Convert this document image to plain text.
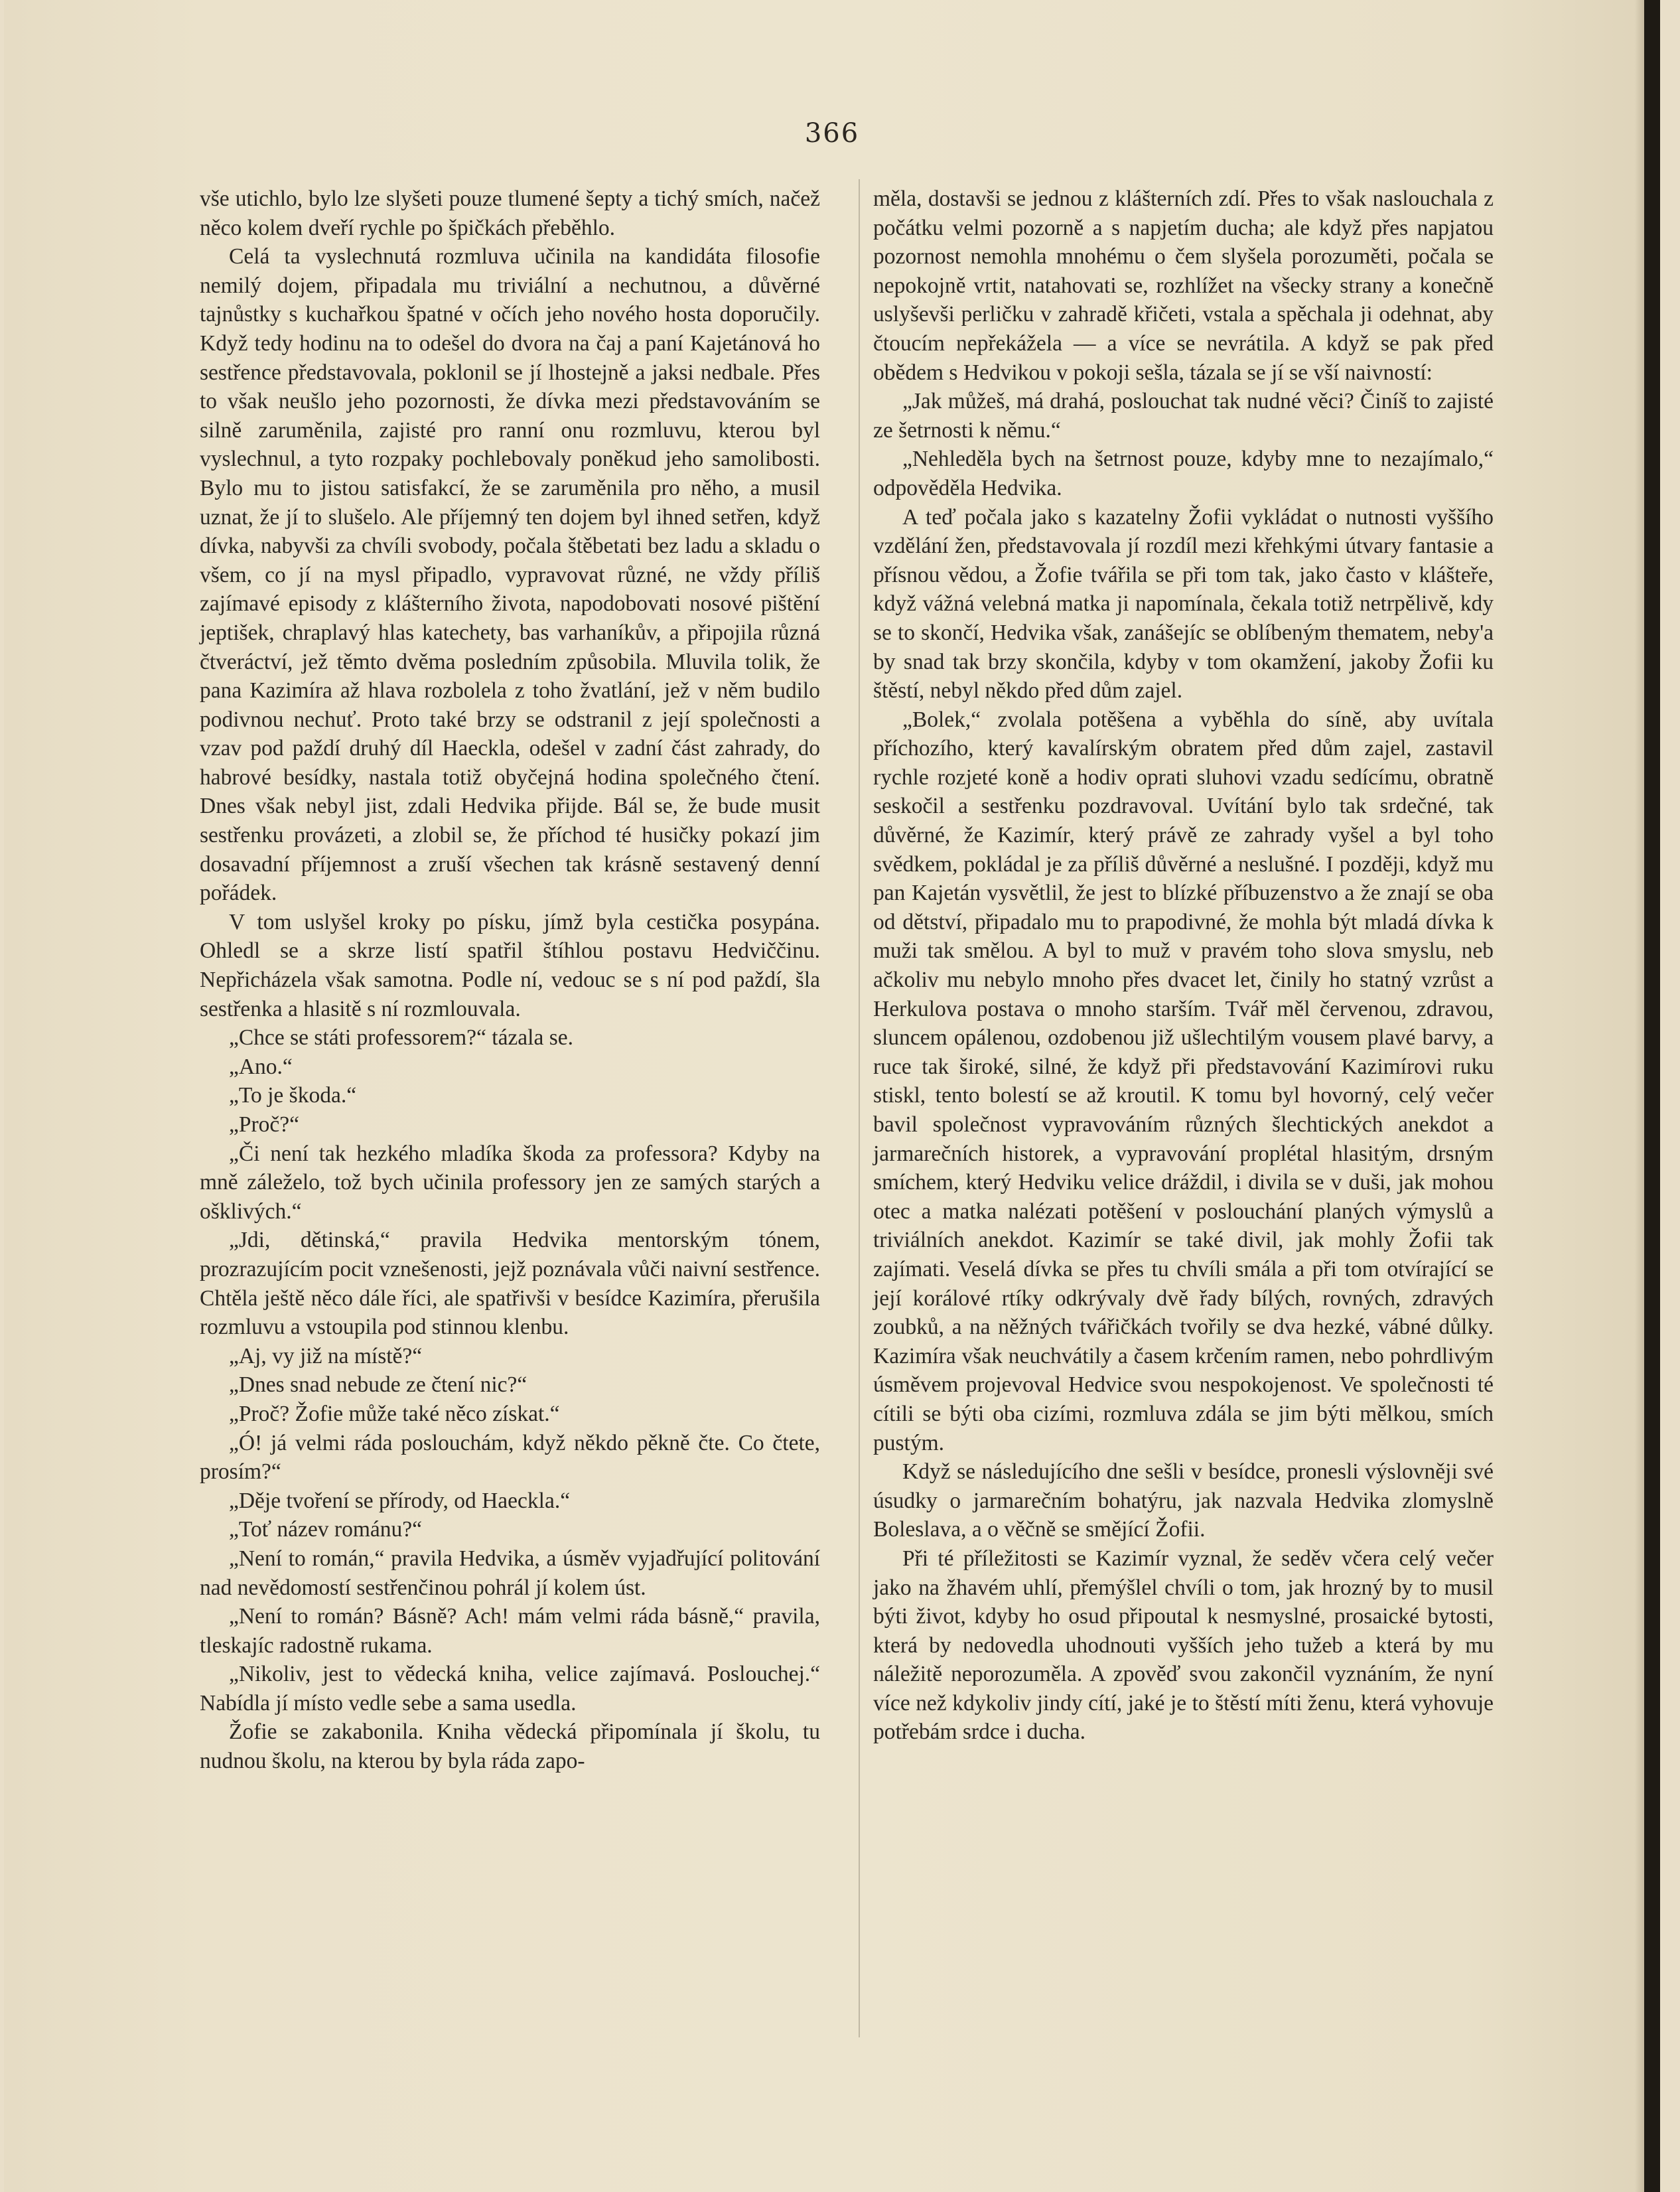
366

vše utichlo, bylo lze slyšeti pouze tlumené šepty a tichý smích, načež něco kolem dveří rychle po špičkách přeběhlo.

Celá ta vyslechnutá rozmluva učinila na kandidáta filosofie nemilý dojem, připadala mu triviální a nechutnou, a důvěrné tajnůstky s kuchařkou špatné v očích jeho nového hosta doporučily. Když tedy hodinu na to odešel do dvora na čaj a paní Kajetánová ho sestřence představovala, poklonil se jí lhostejně a jaksi nedbale. Přes to však neušlo jeho pozornosti, že dívka mezi představováním se silně zaruměnila, zajisté pro ranní onu rozmluvu, kterou byl vyslechnul, a tyto rozpaky pochlebovaly poněkud jeho samolibosti. Bylo mu to jistou satisfakcí, že se zaruměnila pro něho, a musil uznat, že jí to slušelo. Ale příjemný ten dojem byl ihned setřen, když dívka, nabyvši za chvíli svobody, počala štěbetati bez ladu a skladu o všem, co jí na mysl připadlo, vypravovat různé, ne vždy příliš zajímavé episody z klášterního života, napodobovati nosové pištění jeptišek, chraplavý hlas katechety, bas varhaníkův, a připojila různá čtveráctví, jež těmto dvěma posledním způsobila. Mluvila tolik, že pana Kazimíra až hlava rozbolela z toho žvatlání, jež v něm budilo podivnou nechuť. Proto také brzy se odstranil z její společnosti a vzav pod paždí druhý díl Haeckla, odešel v zadní část zahrady, do habrové besídky, nastala totiž obyčejná hodina společného čtení. Dnes však nebyl jist, zdali Hedvika přijde. Bál se, že bude musit sestřenku provázeti, a zlobil se, že příchod té husičky pokazí jim dosavadní příjemnost a zruší všechen tak krásně sestavený denní pořádek.

V tom uslyšel kroky po písku, jímž byla cestička posypána. Ohledl se a skrze listí spatřil štíhlou postavu Hedviččinu. Nepřicházela však samotna. Podle ní, vedouc se s ní pod paždí, šla sestřenka a hlasitě s ní rozmlouvala.

„Chce se státi professorem?“ tázala se.

„Ano.“

„To je škoda.“

„Proč?“

„Či není tak hezkého mladíka škoda za professora? Kdyby na mně záleželo, tož bych učinila professory jen ze samých starých a ošklivých.“

„Jdi, dětinská,“ pravila Hedvika mentorským tónem, prozrazujícím pocit vznešenosti, jejž poznávala vůči naivní sestřence. Chtěla ještě něco dále říci, ale spatřivši v besídce Kazimíra, přerušila rozmluvu a vstoupila pod stinnou klenbu.

„Aj, vy již na místě?“

„Dnes snad nebude ze čtení nic?“

„Proč? Žofie může také něco získat.“

„Ó! já velmi ráda poslouchám, když někdo pěkně čte. Co čtete, prosím?“

„Děje tvoření se přírody, od Haeckla.“

„Toť název románu?“

„Není to román,“ pravila Hedvika, a úsměv vyjadřující politování nad nevědomostí sestřenčinou pohrál jí kolem úst.

„Není to román? Básně? Ach! mám velmi ráda básně,“ pravila, tleskajíc radostně rukama.

„Nikoliv, jest to vědecká kniha, velice zajímavá. Poslouchej.“ Nabídla jí místo vedle sebe a sama usedla.

Žofie se zakabonila. Kniha vědecká připomínala jí školu, tu nudnou školu, na kterou by byla ráda zapo-

měla, dostavši se jednou z klášterních zdí. Přes to však naslouchala z počátku velmi pozorně a s napjetím ducha; ale když přes napjatou pozornost nemohla mnohému o čem slyšela porozuměti, počala se nepokojně vrtit, natahovati se, rozhlížet na všecky strany a konečně uslyševši perličku v zahradě křičeti, vstala a spěchala ji odehnat, aby čtoucím nepřekážela — a více se nevrátila. A když se pak před obědem s Hedvikou v pokoji sešla, tázala se jí se vší naivností:

„Jak můžeš, má drahá, poslouchat tak nudné věci? Činíš to zajisté ze šetrnosti k němu.“

„Nehleděla bych na šetrnost pouze, kdyby mne to nezajímalo,“ odpověděla Hedvika.

A teď počala jako s kazatelny Žofii vykládat o nutnosti vyššího vzdělání žen, představovala jí rozdíl mezi křehkými útvary fantasie a přísnou vědou, a Žofie tvářila se při tom tak, jako často v klášteře, když vážná velebná matka ji napomínala, čekala totiž netrpělivě, kdy se to skončí, Hedvika však, zanášejíc se oblíbeným thematem, neby'a by snad tak brzy skončila, kdyby v tom okamžení, jakoby Žofii ku štěstí, nebyl někdo před dům zajel.

„Bolek,“ zvolala potěšena a vyběhla do síně, aby uvítala příchozího, který kavalírským obratem před dům zajel, zastavil rychle rozjeté koně a hodiv oprati sluhovi vzadu sedícímu, obratně seskočil a sestřenku pozdravoval. Uvítání bylo tak srdečné, tak důvěrné, že Kazimír, který právě ze zahrady vyšel a byl toho svědkem, pokládal je za příliš důvěrné a neslušné. I později, když mu pan Kajetán vysvětlil, že jest to blízké příbuzenstvo a že znají se oba od dětství, připadalo mu to prapodivné, že mohla být mladá dívka k muži tak smělou. A byl to muž v pravém toho slova smyslu, neb ačkoliv mu nebylo mnoho přes dvacet let, činily ho statný vzrůst a Herkulova postava o mnoho starším. Tvář měl červenou, zdravou, sluncem opálenou, ozdobenou již ušlechtilým vousem plavé barvy, a ruce tak široké, silné, že když při představování Kazimírovi ruku stiskl, tento bolestí se až kroutil. K tomu byl hovorný, celý večer bavil společnost vypravováním různých šlechtických anekdot a jarmarečních historek, a vypravování proplétal hlasitým, drsným smíchem, který Hedviku velice dráždil, i divila se v duši, jak mohou otec a matka nalézati potěšení v poslouchání planých výmyslů a triviálních anekdot. Kazimír se také divil, jak mohly Žofii tak zajímati. Veselá dívka se přes tu chvíli smála a při tom otvírající se její korálové rtíky odkrývaly dvě řady bílých, rovných, zdravých zoubků, a na něžných tvářičkách tvořily se dva hezké, vábné důlky. Kazimíra však neuchvátily a časem krčením ramen, nebo pohrdlivým úsměvem projevoval Hedvice svou nespokojenost. Ve společnosti té cítili se býti oba cizími, rozmluva zdála se jim býti mělkou, smích pustým.

Když se následujícího dne sešli v besídce, pronesli výslovněji své úsudky o jarmarečním bohatýru, jak nazvala Hedvika zlomyslně Boleslava, a o věčně se smějící Žofii.

Při té příležitosti se Kazimír vyznal, že seděv včera celý večer jako na žhavém uhlí, přemýšlel chvíli o tom, jak hrozný by to musil býti život, kdyby ho osud připoutal k nesmyslné, prosaické bytosti, která by nedovedla uhodnouti vyšších jeho tužeb a která by mu náležitě neporozuměla. A zpověď svou zakončil vyznáním, že nyní více než kdykoliv jindy cítí, jaké je to štěstí míti ženu, která vyhovuje potřebám srdce i ducha.
